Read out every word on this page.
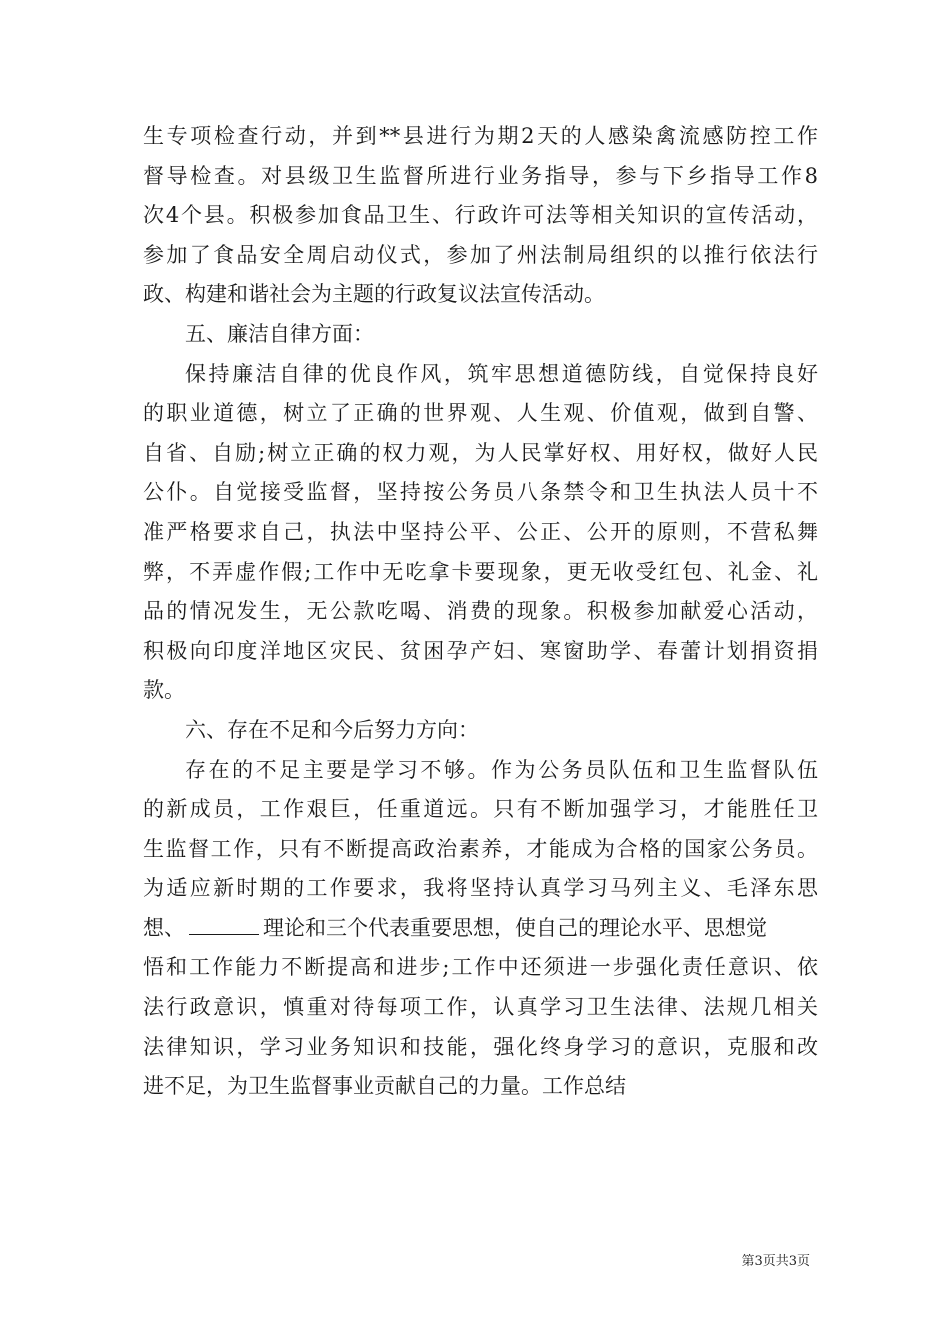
生专项检查行动，并到**县进行为期2天的人感染禽流感防控工作
督导检查。对县级卫生监督所进行业务指导，参与下乡指导工作8
次4个县。积极参加食品卫生、行政许可法等相关知识的宣传活动，
参加了食品安全周启动仪式，参加了州法制局组织的以推行依法行
政、构建和谐社会为主题的行政复议法宣传活动。
五、廉洁自律方面：
保持廉洁自律的优良作风，筑牢思想道德防线，自觉保持良好
的职业道德，树立了正确的世界观、人生观、价值观，做到自警、
自省、自励;树立正确的权力观，为人民掌好权、用好权，做好人民
公仆。自觉接受监督，坚持按公务员八条禁令和卫生执法人员十不
准严格要求自己，执法中坚持公平、公正、公开的原则，不营私舞
弊，不弄虚作假;工作中无吃拿卡要现象，更无收受红包、礼金、礼
品的情况发生，无公款吃喝、消费的现象。积极参加献爱心活动，
积极向印度洋地区灾民、贫困孕产妇、寒窗助学、春蕾计划捐资捐
款。
六、存在不足和今后努力方向：
存在的不足主要是学习不够。作为公务员队伍和卫生监督队伍
的新成员，工作艰巨，任重道远。只有不断加强学习，才能胜任卫
生监督工作，只有不断提高政治素养，才能成为合格的国家公务员。
为适应新时期的工作要求，我将坚持认真学习马列主义、毛泽东思
想、	理论和三个代表重要思想，使自己的理论水平、思想觉
悟和工作能力不断提高和进步;工作中还须进一步强化责任意识、依
法行政意识，慎重对待每项工作，认真学习卫生法律、法规几相关
法律知识，学习业务知识和技能，强化终身学习的意识，克服和改
进不足，为卫生监督事业贡献自己的力量。工作总结
第3页共3页
